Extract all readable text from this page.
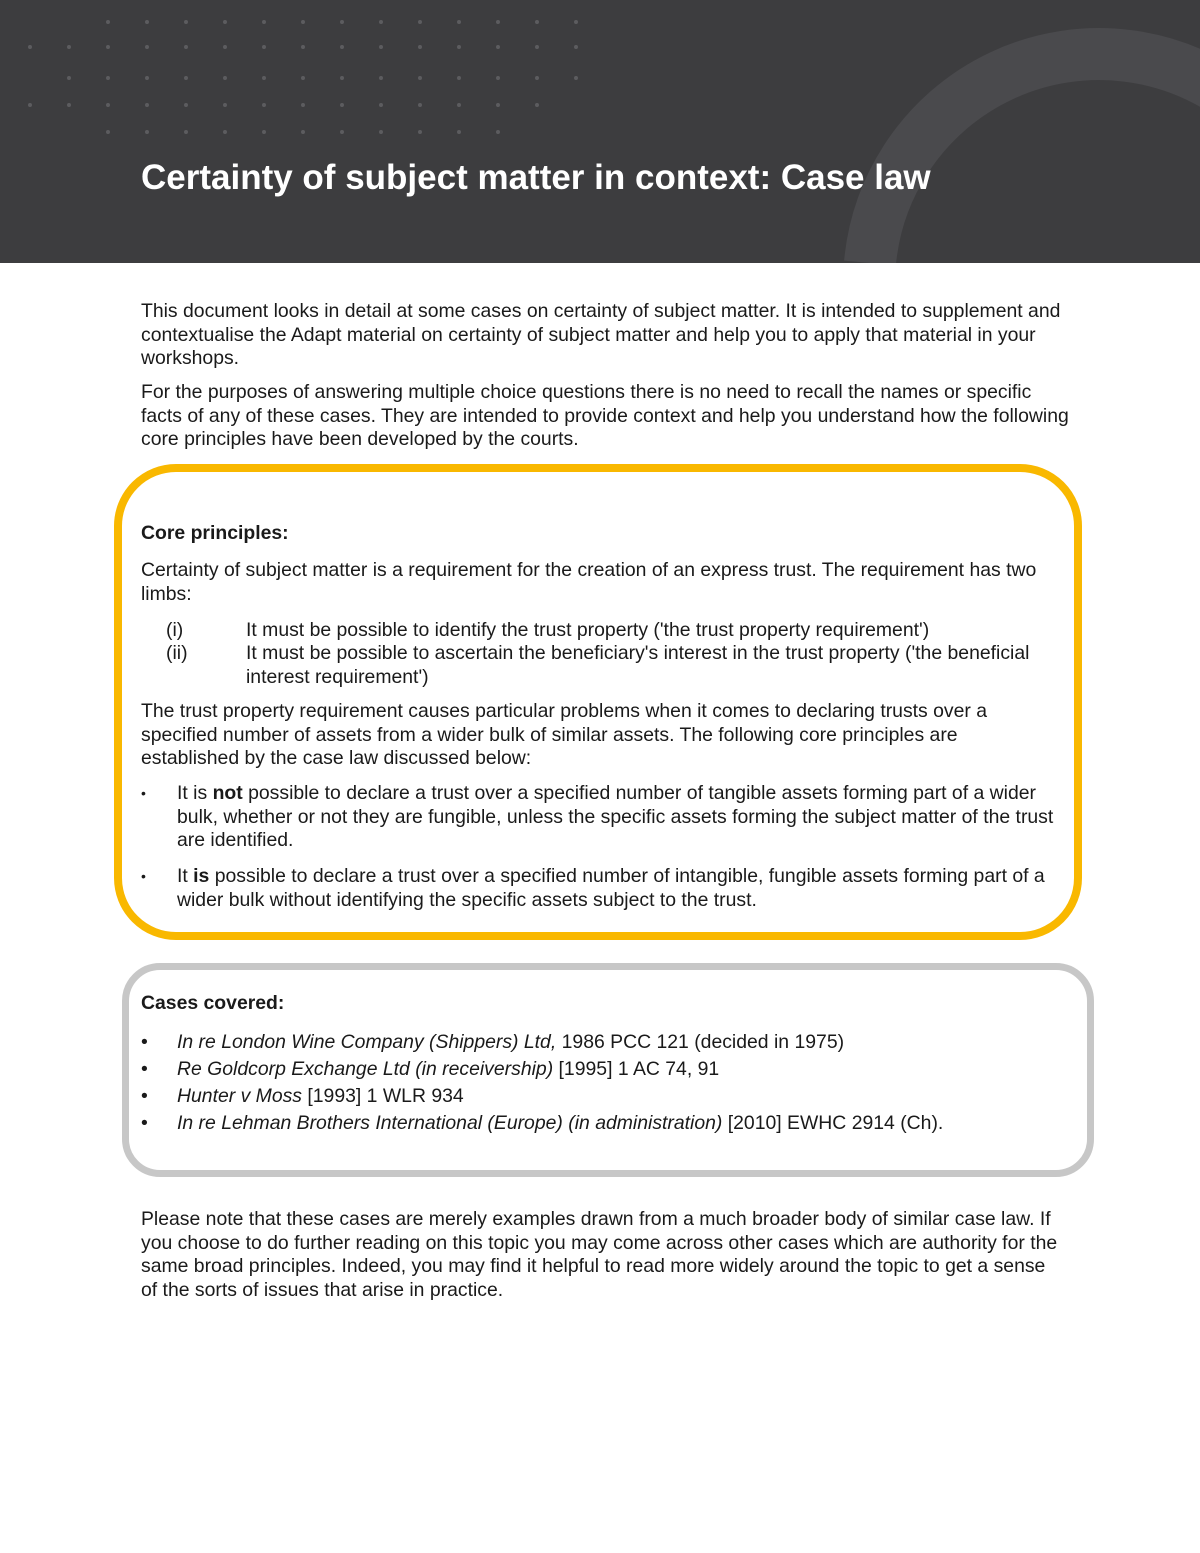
Certainty of subject matter in context: Case law

This document looks in detail at some cases on certainty of subject matter. It is intended to supplement and contextualise the Adapt material on certainty of subject matter and help you to apply that material in your workshops.

For the purposes of answering multiple choice questions there is no need to recall the names or specific facts of any of these cases. They are intended to provide context and help you understand how the following core principles have been developed by the courts.

Core principles:

Certainty of subject matter is a requirement for the creation of an express trust. The requirement has two limbs:

(i)	It must be possible to identify the trust property ('the trust property requirement')
(ii)	It must be possible to ascertain the beneficiary's interest in the trust property ('the beneficial interest requirement')

The trust property requirement causes particular problems when it comes to declaring trusts over a specified number of assets from a wider bulk of similar assets. The following core principles are established by the case law discussed below:

• It is not possible to declare a trust over a specified number of tangible assets forming part of a wider bulk, whether or not they are fungible, unless the specific assets forming the subject matter of the trust are identified.
• It is possible to declare a trust over a specified number of intangible, fungible assets forming part of a wider bulk without identifying the specific assets subject to the trust.

Cases covered:

• In re London Wine Company (Shippers) Ltd, 1986 PCC 121 (decided in 1975)
• Re Goldcorp Exchange Ltd (in receivership) [1995] 1 AC 74, 91
• Hunter v Moss [1993] 1 WLR 934
• In re Lehman Brothers International (Europe) (in administration) [2010] EWHC 2914 (Ch).

Please note that these cases are merely examples drawn from a much broader body of similar case law. If you choose to do further reading on this topic you may come across other cases which are authority for the same broad principles. Indeed, you may find it helpful to read more widely around the topic to get a sense of the sorts of issues that arise in practice.
